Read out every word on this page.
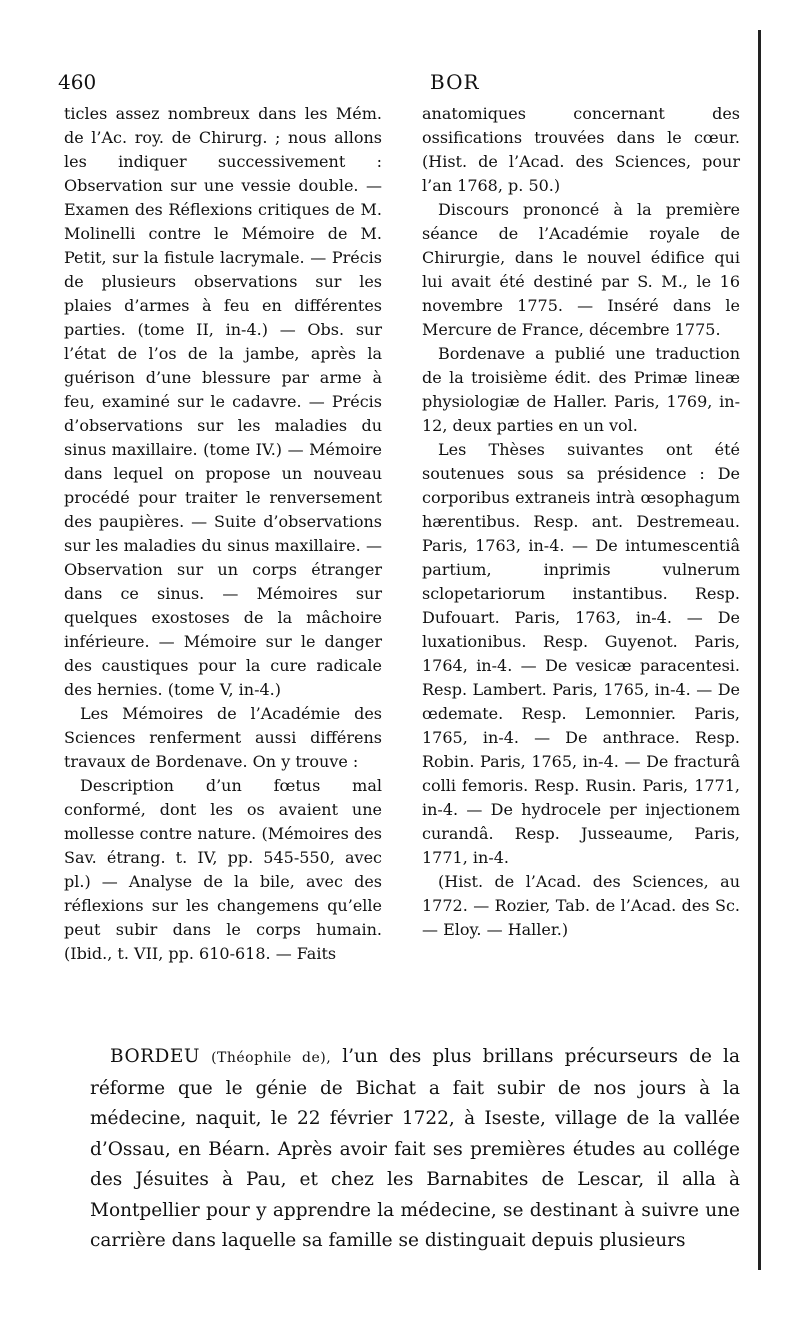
460	BOR

ticles assez nombreux dans les Mém. de l’Ac. roy. de Chirurg. ; nous allons les indiquer successivement : Observation sur une vessie double. — Examen des Réflexions critiques de M. Molinelli contre le Mémoire de M. Petit, sur la fistule lacrymale. — Précis de plusieurs observations sur les plaies d’armes à feu en différentes parties. (tome II, in-4.) — Obs. sur l’état de l’os de la jambe, après la guérison d’une blessure par arme à feu, examiné sur le cadavre. — Précis d’observations sur les maladies du sinus maxillaire. (tome IV.) — Mémoire dans lequel on propose un nouveau procédé pour traiter le renversement des paupières. — Suite d’observations sur les maladies du sinus maxillaire. — Observation sur un corps étranger dans ce sinus. — Mémoires sur quelques exostoses de la mâchoire inférieure. — Mémoire sur le danger des caustiques pour la cure radicale des hernies. (tome V, in-4.)

Les Mémoires de l’Académie des Sciences renferment aussi différens travaux de Bordenave. On y trouve :

Description d’un fœtus mal conformé, dont les os avaient une mollesse contre nature. (Mémoires des Sav. étrang. t. IV, pp. 545-550, avec pl.) — Analyse de la bile, avec des réflexions sur les changemens qu’elle peut subir dans le corps humain. (Ibid., t. VII, pp. 610-618. — Faits

anatomiques concernant des ossifications trouvées dans le cœur. (Hist. de l’Acad. des Sciences, pour l’an 1768, p. 50.)

Discours prononcé à la première séance de l’Académie royale de Chirurgie, dans le nouvel édifice qui lui avait été destiné par S. M., le 16 novembre 1775. — Inséré dans le Mercure de France, décembre 1775.

Bordenave a publié une traduction de la troisième édit. des Primæ lineæ physiologiæ de Haller. Paris, 1769, in-12, deux parties en un vol.

Les Thèses suivantes ont été soutenues sous sa présidence : De corporibus extraneis intrà œsophagum hærentibus. Resp. ant. Destremeau. Paris, 1763, in-4. — De intumescentiâ partium, inprimis vulnerum sclopetariorum instantibus. Resp. Dufouart. Paris, 1763, in-4. — De luxationibus. Resp. Guyenot. Paris, 1764, in-4. — De vesicæ paracentesi. Resp. Lambert. Paris, 1765, in-4. — De œdemate. Resp. Lemonnier. Paris, 1765, in-4. — De anthrace. Resp. Robin. Paris, 1765, in-4. — De fracturâ colli femoris. Resp. Rusin. Paris, 1771, in-4. — De hydrocele per injectionem curandâ. Resp. Jusseaume, Paris, 1771, in-4.

(Hist. de l’Acad. des Sciences, au 1772. — Rozier, Tab. de l’Acad. des Sc. — Eloy. — Haller.)

BORDEU (Théophile de), l’un des plus brillans précurseurs de la réforme que le génie de Bichat a fait subir de nos jours à la médecine, naquit, le 22 février 1722, à Iseste, village de la vallée d’Ossau, en Béarn. Après avoir fait ses premières études au collége des Jésuites à Pau, et chez les Barnabites de Lescar, il alla à Montpellier pour y apprendre la médecine, se destinant à suivre une carrière dans laquelle sa famille se distinguait depuis plusieurs
